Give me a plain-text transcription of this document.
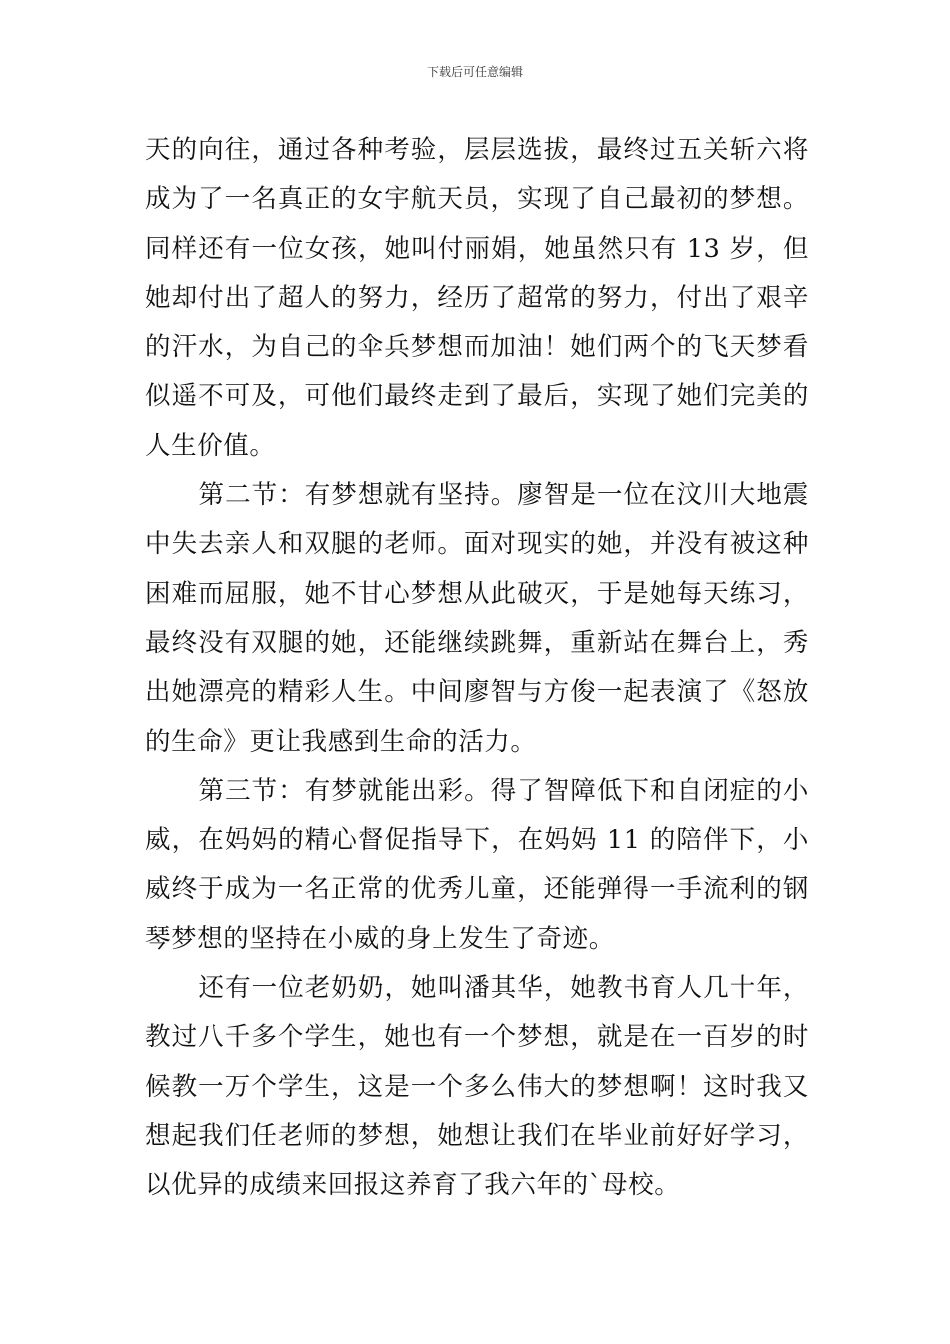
下载后可任意编辑

天的向往，通过各种考验，层层选拔，最终过五关斩六将成为了一名真正的女宇航天员，实现了自己最初的梦想。同样还有一位女孩，她叫付丽娟，她虽然只有 13 岁，但她却付出了超人的努力，经历了超常的努力，付出了艰辛的汗水，为自己的伞兵梦想而加油！她们两个的飞天梦看似遥不可及，可他们最终走到了最后，实现了她们完美的人生价值。

第二节：有梦想就有坚持。廖智是一位在汶川大地震中失去亲人和双腿的老师。面对现实的她，并没有被这种困难而屈服，她不甘心梦想从此破灭，于是她每天练习，最终没有双腿的她，还能继续跳舞，重新站在舞台上，秀出她漂亮的精彩人生。中间廖智与方俊一起表演了《怒放的生命》更让我感到生命的活力。

第三节：有梦就能出彩。得了智障低下和自闭症的小威，在妈妈的精心督促指导下，在妈妈 11 的陪伴下，小威终于成为一名正常的优秀儿童，还能弹得一手流利的钢琴梦想的坚持在小威的身上发生了奇迹。

还有一位老奶奶，她叫潘其华，她教书育人几十年，教过八千多个学生，她也有一个梦想，就是在一百岁的时候教一万个学生，这是一个多么伟大的梦想啊！这时我又想起我们任老师的梦想，她想让我们在毕业前好好学习，以优异的成绩来回报这养育了我六年的`母校。
